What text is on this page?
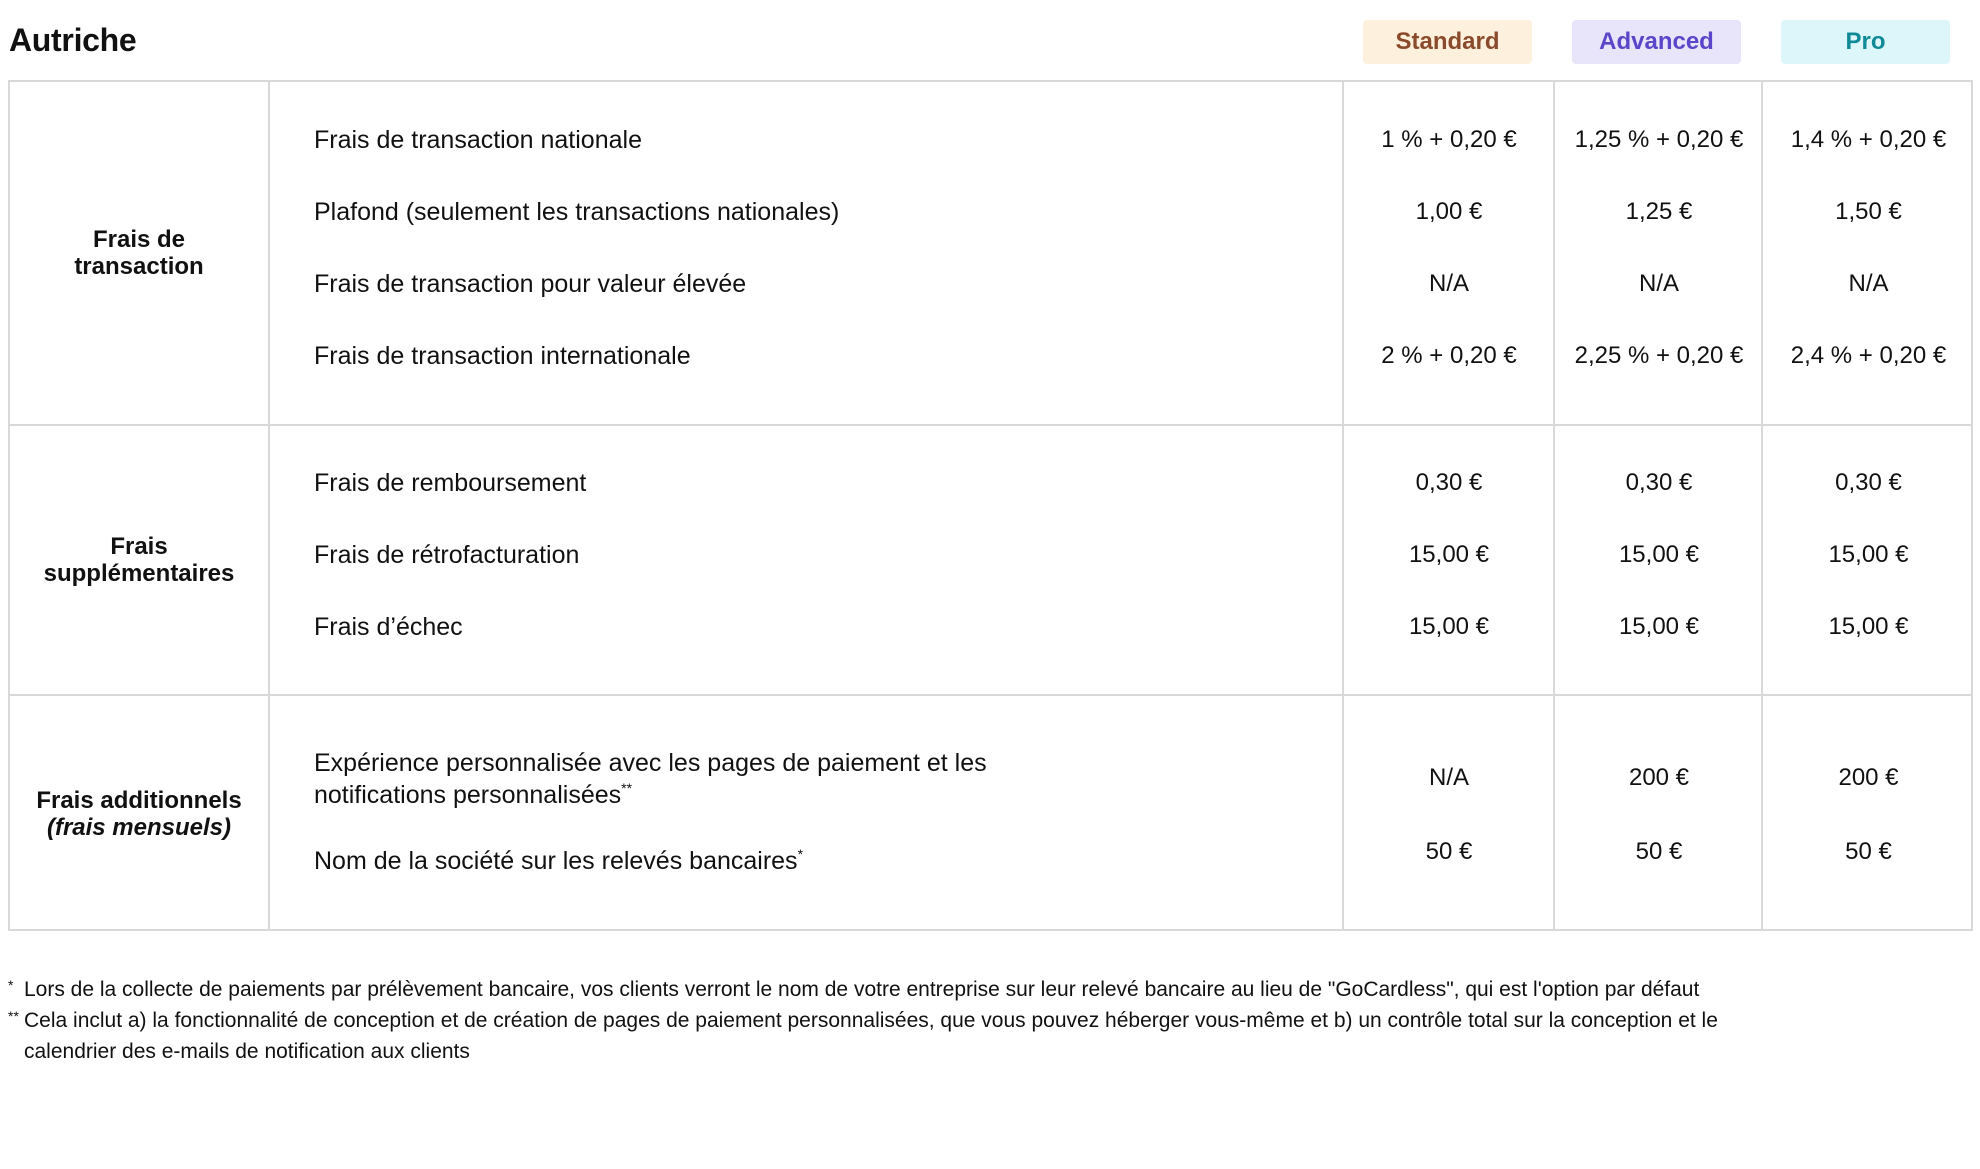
Autriche	Standard	Advanced	Pro
Frais de transaction
Frais de transaction nationale	1 % + 0,20 €	1,25 % + 0,20 €	1,4 % + 0,20 €
Plafond (seulement les transactions nationales)	1,00 €	1,25 €	1,50 €
Frais de transaction pour valeur élevée	N/A	N/A	N/A
Frais de transaction internationale	2 % + 0,20 €	2,25 % + 0,20 €	2,4 % + 0,20 €
Frais supplémentaires
Frais de remboursement	0,30 €	0,30 €	0,30 €
Frais de rétrofacturation	15,00 €	15,00 €	15,00 €
Frais d’échec	15,00 €	15,00 €	15,00 €
Frais additionnels
(frais mensuels)
Expérience personnalisée avec les pages de paiement et les notifications personnalisées**	N/A	200 €	200 €
Nom de la société sur les relevés bancaires*	50 €	50 €	50 €
* Lors de la collecte de paiements par prélèvement bancaire, vos clients verront le nom de votre entreprise sur leur relevé bancaire au lieu de "GoCardless", qui est l'option par défaut
** Cela inclut a) la fonctionnalité de conception et de création de pages de paiement personnalisées, que vous pouvez héberger vous-même et b) un contrôle total sur la conception et le calendrier des e-mails de notification aux clients
